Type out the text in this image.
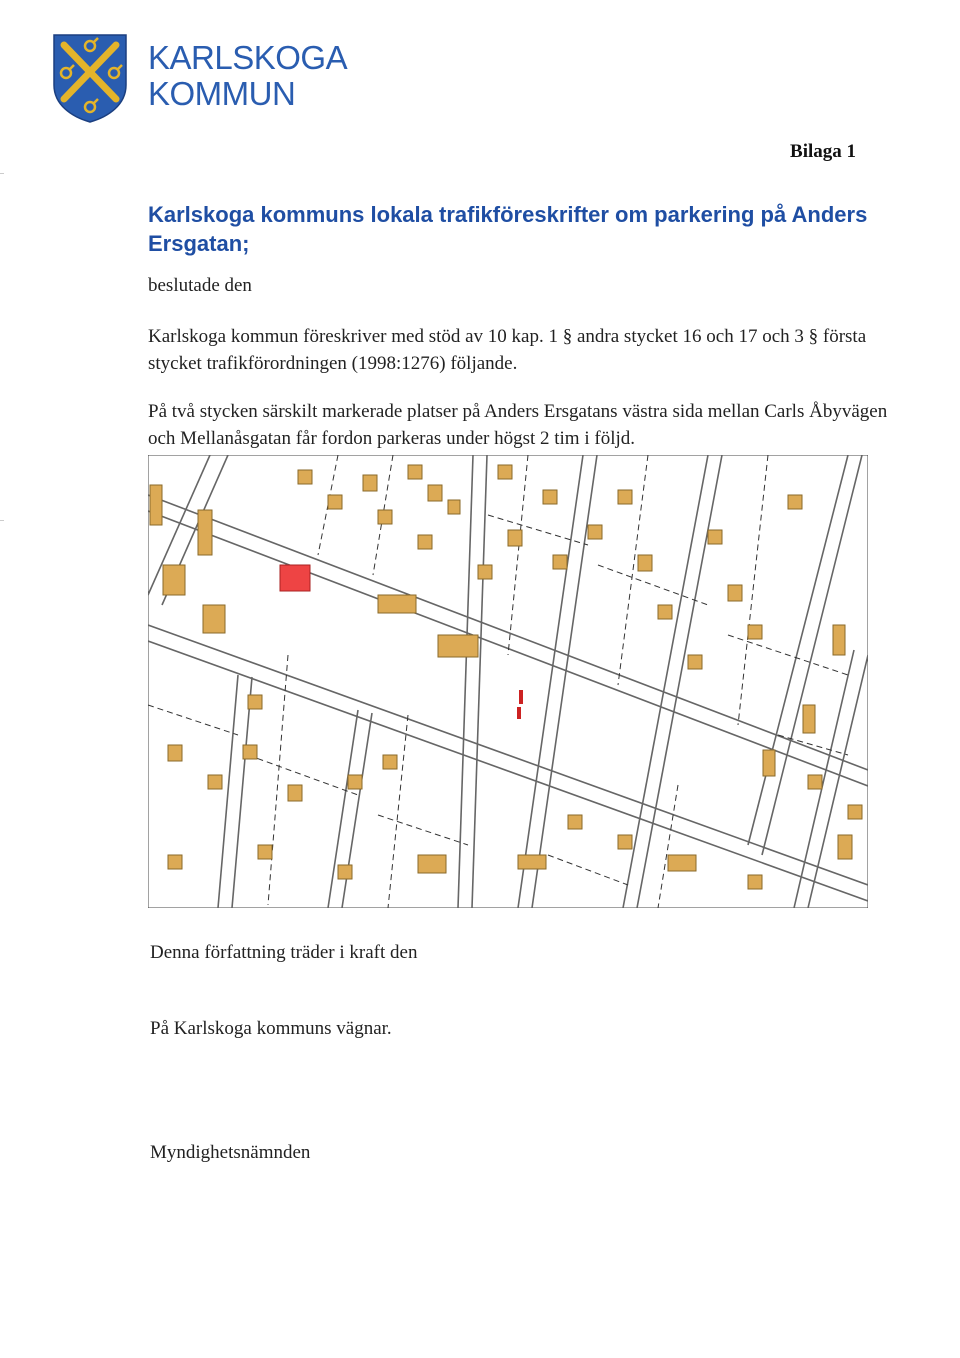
KARLSKOGA
KOMMUN
Bilaga 1
Karlskoga kommuns lokala trafikföreskrifter om parkering på Anders Ersgatan;
beslutade den
Karlskoga kommun föreskriver med stöd av 10 kap. 1 § andra stycket 16 och 17 och 3 § första stycket trafikförordningen (1998:1276) följande.
På två stycken särskilt markerade platser på Anders Ersgatans västra sida mellan Carls Åbyvägen och Mellanåsgatan får fordon parkeras under högst 2 tim i följd.
Denna författning träder i kraft den
På Karlskoga kommuns vägnar.
Myndighetsnämnden
